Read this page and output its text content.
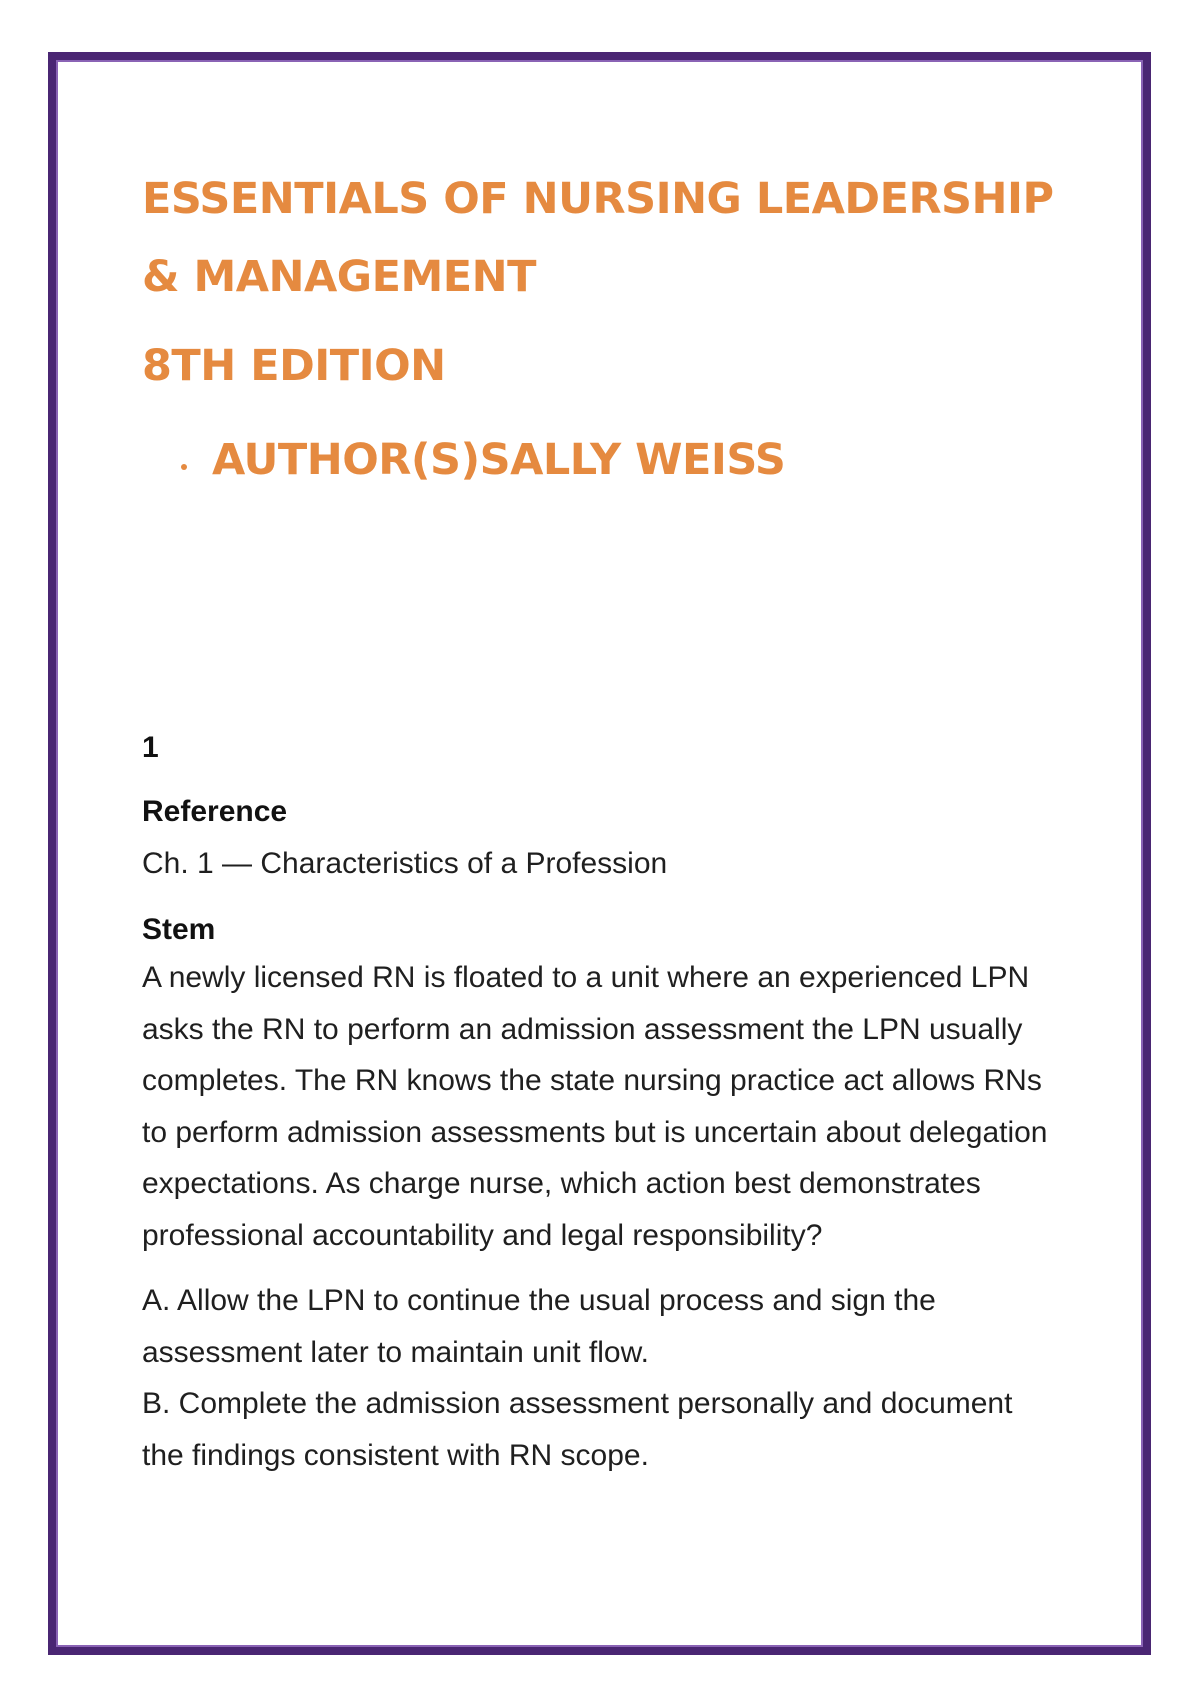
ESSENTIALS OF NURSING LEADERSHIP & MANAGEMENT
8TH EDITION
AUTHOR(S)SALLY WEISS
1
Reference
Ch. 1 — Characteristics of a Profession
Stem
A newly licensed RN is floated to a unit where an experienced LPN asks the RN to perform an admission assessment the LPN usually completes. The RN knows the state nursing practice act allows RNs to perform admission assessments but is uncertain about delegation expectations. As charge nurse, which action best demonstrates professional accountability and legal responsibility?
A. Allow the LPN to continue the usual process and sign the assessment later to maintain unit flow.
B. Complete the admission assessment personally and document the findings consistent with RN scope.
